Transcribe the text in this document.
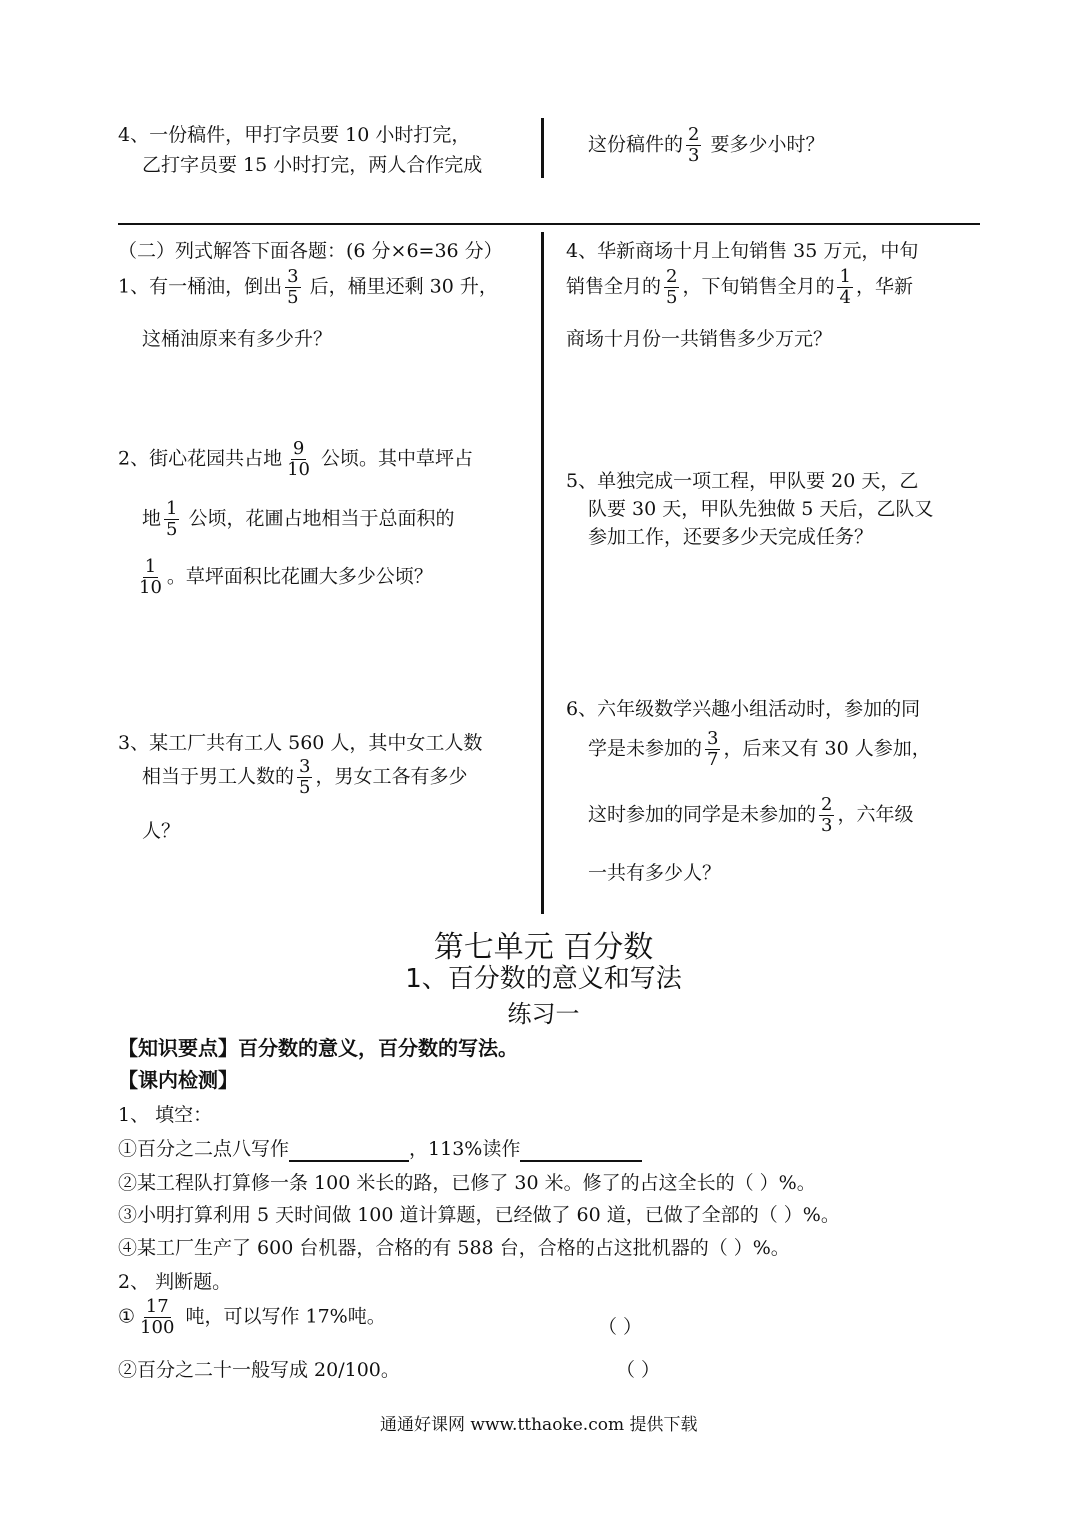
4、一份稿件，甲打字员要 10 小时打完，
乙打字员要 15 小时打完，两人合作完成
这份稿件的 $\frac{2}{3}$ 要多少小时？
（二）列式解答下面各题：(6 分×6=36 分）
1、有一桶油，倒出 $\frac{3}{5}$ 后，桶里还剩 30 升，
这桶油原来有多少升？
2、街心花园共占地 $\frac{9}{10}$ 公顷。其中草坪占
地 $\frac{1}{5}$ 公顷，花圃占地相当于总面积的
$\frac{1}{10}$ 。草坪面积比花圃大多少公顷？
3、某工厂共有工人 560 人，其中女工人数
相当于男工人数的 $\frac{3}{5}$ ，男女工各有多少
人？
4、华新商场十月上旬销售 35 万元，中旬
销售全月的 $\frac{2}{5}$ ，下旬销售全月的 $\frac{1}{4}$ ，华新
商场十月份一共销售多少万元？
5、单独完成一项工程，甲队要 20 天，乙
队要 30 天，甲队先独做 5 天后，乙队又
参加工作，还要多少天完成任务？
6、六年级数学兴趣小组活动时，参加的同
学是未参加的 $\frac{3}{7}$ ，后来又有 30 人参加，
这时参加的同学是未参加的 $\frac{2}{3}$ ，六年级
一共有多少人？
第七单元 百分数
1、百分数的意义和写法
练习一
【知识要点】百分数的意义，百分数的写法。
【课内检测】
1、 填空：
①百分之二点八写作	，113%读作
②某工程队打算修一条 100 米长的路，已修了 30 米。修了的占这全长的（ ）%。
③小明打算利用 5 天时间做 100 道计算题，已经做了 60 道，已做了全部的（ ）%。
④某工厂生产了 600 台机器，合格的有 588 台，合格的占这批机器的（ ）%。
2、 判断题。
① $\frac{17}{100}$ 吨，可以写作 17%吨。	（ ）
②百分之二十一般写成 20/100。	（ ）
通通好课网 www.tthaoke.com 提供下载
